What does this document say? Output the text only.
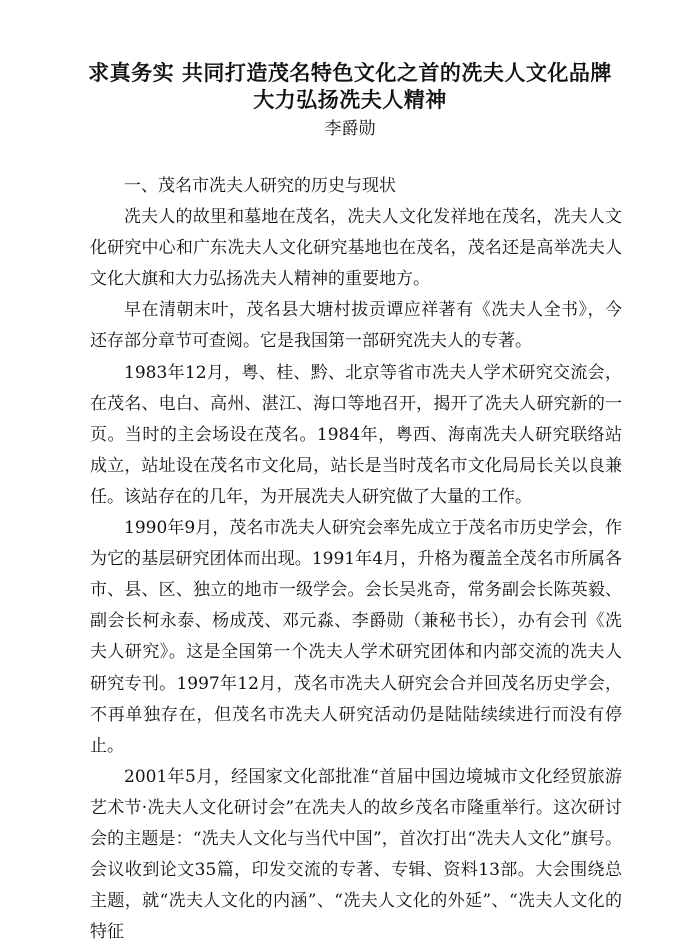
求真务实 共同打造茂名特色文化之首的冼夫人文化品牌
大力弘扬冼夫人精神
李爵勋
一、茂名市冼夫人研究的历史与现状

冼夫人的故里和墓地在茂名，冼夫人文化发祥地在茂名，冼夫人文化研究中心和广东冼夫人文化研究基地也在茂名，茂名还是高举冼夫人文化大旗和大力弘扬冼夫人精神的重要地方。

早在清朝末叶，茂名县大塘村拔贡谭应祥著有《冼夫人全书》，今还存部分章节可查阅。它是我国第一部研究冼夫人的专著。

1983年12月，粤、桂、黔、北京等省市冼夫人学术研究交流会，在茂名、电白、高州、湛江、海口等地召开，揭开了冼夫人研究新的一页。当时的主会场设在茂名。1984年，粤西、海南冼夫人研究联络站成立，站址设在茂名市文化局，站长是当时茂名市文化局局长关以良兼任。该站存在的几年，为开展冼夫人研究做了大量的工作。

1990年9月，茂名市冼夫人研究会率先成立于茂名市历史学会，作为它的基层研究团体而出现。1991年4月，升格为覆盖全茂名市所属各市、县、区、独立的地市一级学会。会长吴兆奇，常务副会长陈英毅、副会长柯永泰、杨成茂、邓元淼、李爵勋（兼秘书长），办有会刊《冼夫人研究》。这是全国第一个冼夫人学术研究团体和内部交流的冼夫人研究专刊。1997年12月，茂名市冼夫人研究会合并回茂名历史学会，不再单独存在，但茂名市冼夫人研究活动仍是陆陆续续进行而没有停止。

2001年5月，经国家文化部批准“首届中国边境城市文化经贸旅游艺术节·冼夫人文化研讨会”在冼夫人的故乡茂名市隆重举行。这次研讨会的主题是：“冼夫人文化与当代中国”，首次打出“冼夫人文化”旗号。会议收到论文35篇，印发交流的专著、专辑、资料13部。大会围绕总主题，就“冼夫人文化的内涵”、“冼夫人文化的外延”、“冼夫人文化的特征
